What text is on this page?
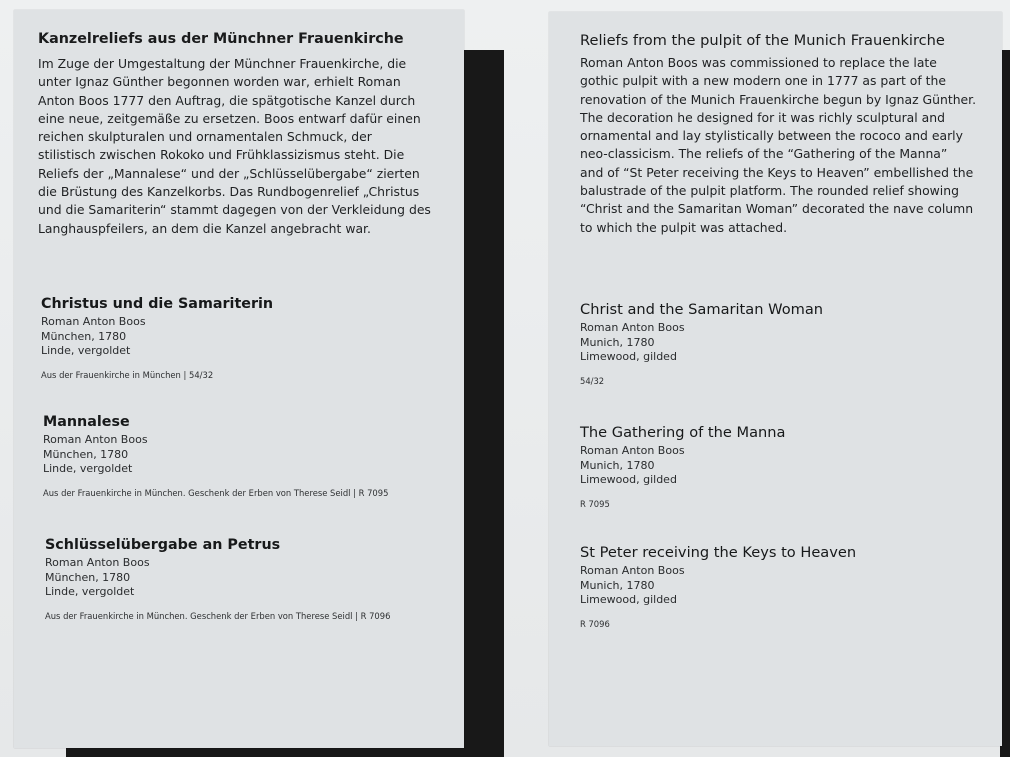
Kanzelreliefs aus der Münchner Frauenkirche
Im Zuge der Umgestaltung der Münchner Frauenkirche, die
unter Ignaz Günther begonnen worden war, erhielt Roman
Anton Boos 1777 den Auftrag, die spätgotische Kanzel durch
eine neue, zeitgemäße zu ersetzen. Boos entwarf dafür einen
reichen skulpturalen und ornamentalen Schmuck, der
stilistisch zwischen Rokoko und Frühklassizismus steht. Die
Reliefs der „Mannalese“ und der „Schlüsselübergabe“ zierten
die Brüstung des Kanzelkorbs. Das Rundbogenrelief „Christus
und die Samariterin“ stammt dagegen von der Verkleidung des
Langhauspfeilers, an dem die Kanzel angebracht war.
Christus und die Samariterin
Roman Anton Boos
München, 1780
Linde, vergoldet
Aus der Frauenkirche in München | 54/32
Mannalese
Roman Anton Boos
München, 1780
Linde, vergoldet
Aus der Frauenkirche in München. Geschenk der Erben von Therese Seidl | R 7095
Schlüsselübergabe an Petrus
Roman Anton Boos
München, 1780
Linde, vergoldet
Aus der Frauenkirche in München. Geschenk der Erben von Therese Seidl | R 7096
Reliefs from the pulpit of the Munich Frauenkirche
Roman Anton Boos was commissioned to replace the late
gothic pulpit with a new modern one in 1777 as part of the
renovation of the Munich Frauenkirche begun by Ignaz Günther.
The decoration he designed for it was richly sculptural and
ornamental and lay stylistically between the rococo and early
neo-classicism. The reliefs of the “Gathering of the Manna”
and of “St Peter receiving the Keys to Heaven” embellished the
balustrade of the pulpit platform. The rounded relief showing
“Christ and the Samaritan Woman” decorated the nave column
to which the pulpit was attached.
Christ and the Samaritan Woman
Roman Anton Boos
Munich, 1780
Limewood, gilded
54/32
The Gathering of the Manna
Roman Anton Boos
Munich, 1780
Limewood, gilded
R 7095
St Peter receiving the Keys to Heaven
Roman Anton Boos
Munich, 1780
Limewood, gilded
R 7096
